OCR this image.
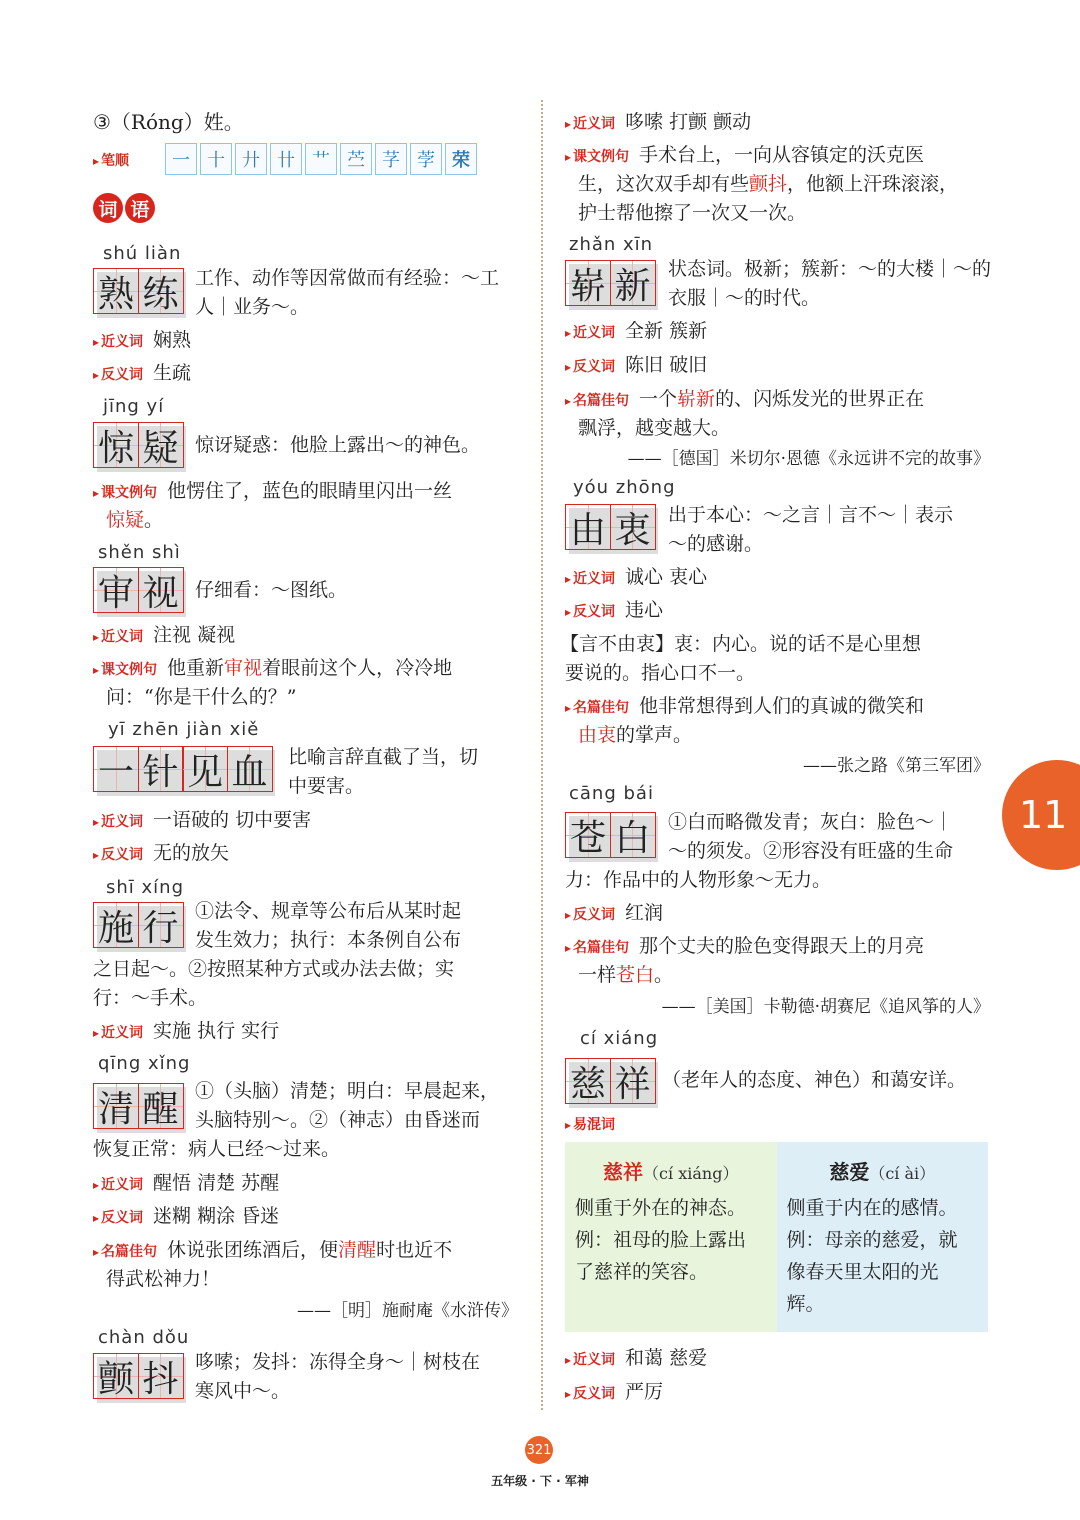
③（Róng）姓。
▸ 笔顺	一 十 廾 卄 艹 苎 芓 茡 荣
词 语
shú liàn
熟 练 工作、动作等因常做而有经验：～工
人｜业务～。
▸ 近义词 娴熟
▸ 反义词 生疏
jīng yí
惊 疑 惊讶疑惑：他脸上露出～的神色。
▸ 课文例句 他愣住了，蓝色的眼睛里闪出一丝
惊疑。
shěn shì
审 视 仔细看：～图纸。
▸ 近义词 注视 凝视
▸ 课文例句 他重新审视着眼前这个人，冷冷地
问：“你是干什么的？”
yī zhēn jiàn xiě
一 针 见 血 比喻言辞直截了当，切
中要害。
▸ 近义词 一语破的 切中要害
▸ 反义词 无的放矢
shī xíng
施 行 ①法令、规章等公布后从某时起
发生效力；执行：本条例自公布
之日起～。②按照某种方式或办法去做；实
行：～手术。
▸ 近义词 实施 执行 实行
qīng xǐng
清 醒 ①（头脑）清楚；明白：早晨起来，
头脑特别～。②（神志）由昏迷而
恢复正常：病人已经～过来。
▸ 近义词 醒悟 清楚 苏醒
▸ 反义词 迷糊 糊涂 昏迷
▸ 名篇佳句 休说张团练酒后，便清醒时也近不
得武松神力！
——［明］施耐庵《水浒传》
chàn dǒu
颤 抖 哆嗦；发抖：冻得全身～｜树枝在
寒风中～。
▸ 近义词 哆嗦 打颤 颤动
▸ 课文例句 手术台上，一向从容镇定的沃克医
生，这次双手却有些颤抖，他额上汗珠滚滚，
护士帮他擦了一次又一次。
zhǎn xīn
崭 新 状态词。极新；簇新：～的大楼｜～的
衣服｜～的时代。
▸ 近义词 全新 簇新
▸ 反义词 陈旧 破旧
▸ 名篇佳句 一个崭新的、闪烁发光的世界正在
飘浮，越变越大。
——［德国］米切尔·恩德《永远讲不完的故事》
yóu zhōng
由 衷 出于本心：～之言｜言不～｜表示
～的感谢。
▸ 近义词 诚心 衷心
▸ 反义词 违心
【言不由衷】衷：内心。说的话不是心里想
要说的。指心口不一。
▸ 名篇佳句 他非常想得到人们的真诚的微笑和
由衷的掌声。
——张之路《第三军团》
cāng bái
苍 白 ①白而略微发青；灰白：脸色～｜
～的须发。②形容没有旺盛的生命
力：作品中的人物形象～无力。
▸ 反义词 红润
▸ 名篇佳句 那个丈夫的脸色变得跟天上的月亮
一样苍白。
——［美国］卡勒德·胡赛尼《追风筝的人》
cí xiáng
慈 祥 （老年人的态度、神色）和蔼安详。
▸ 易混词
慈祥（cí xiáng）
侧重于外在的神态。
例：祖母的脸上露出
了慈祥的笑容。
慈爱（cí ài）
侧重于内在的感情。
例：母亲的慈爱，就
像春天里太阳的光
辉。
▸ 近义词 和蔼 慈爱
▸ 反义词 严厉
11
321
五年级 · 下 · 军神
